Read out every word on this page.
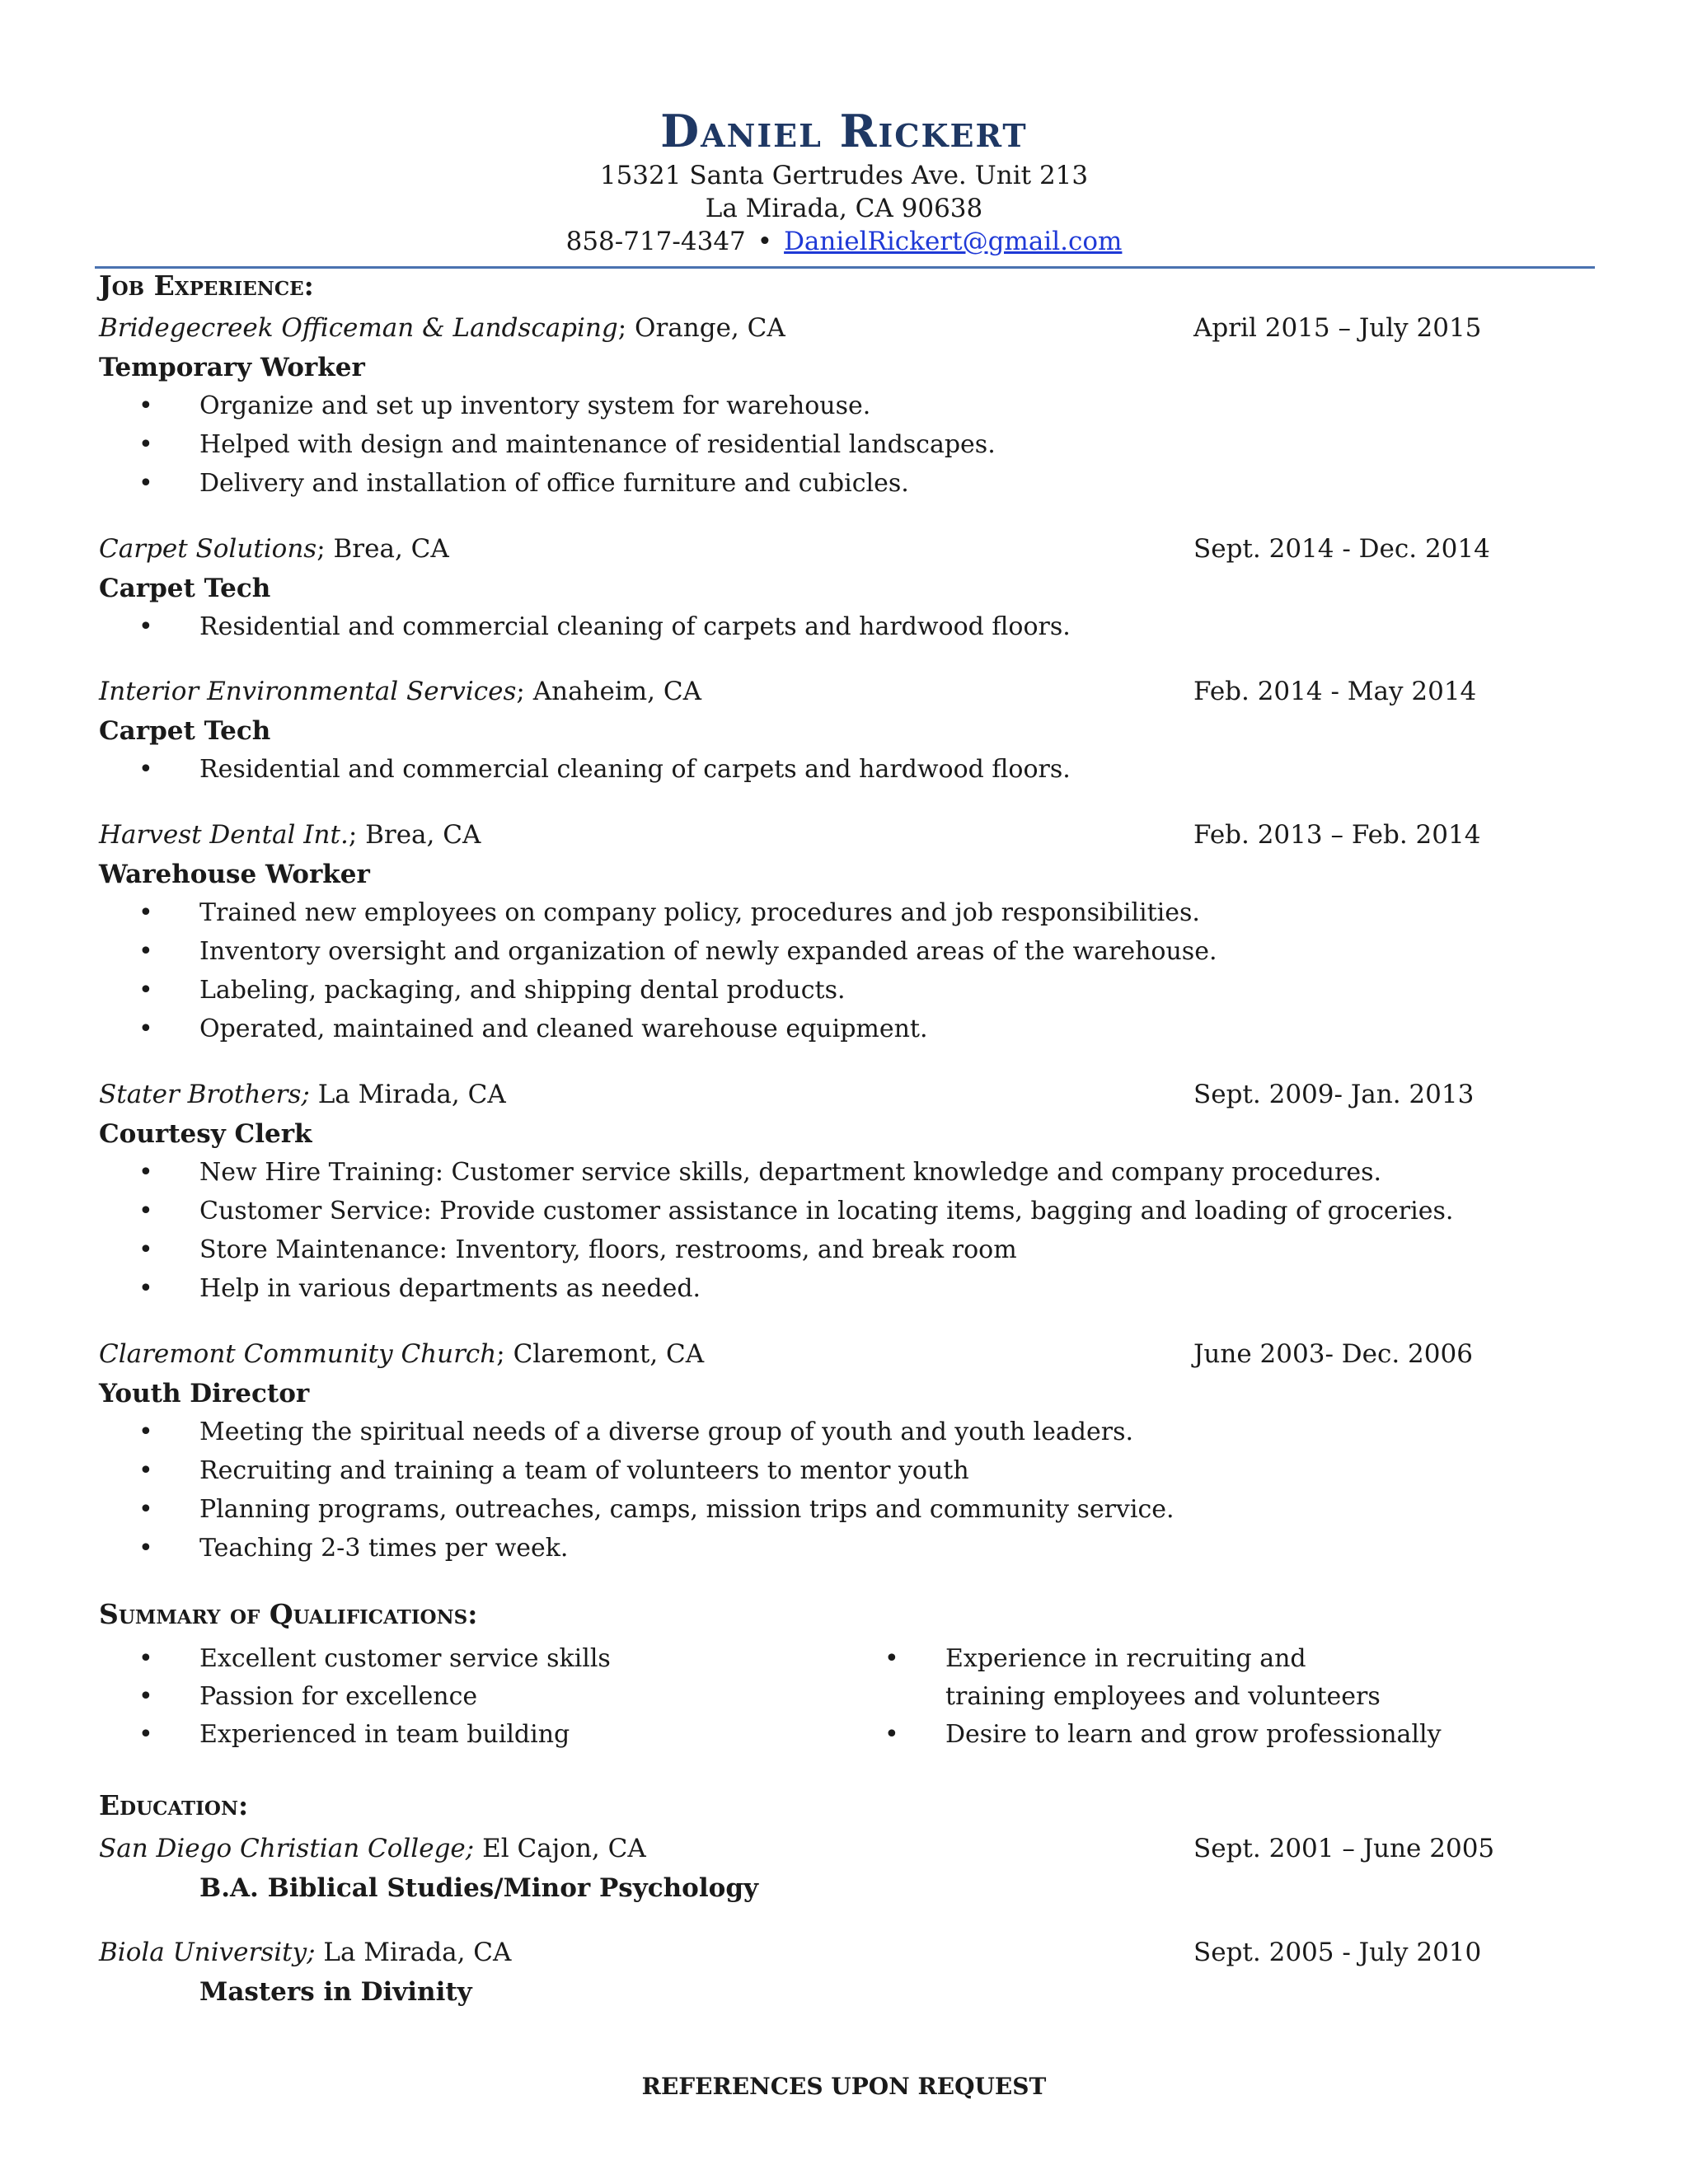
Daniel Rickert
15321 Santa Gertrudes Ave. Unit 213
La Mirada, CA 90638
858-717-4347 • DanielRickert@gmail.com
Job Experience:
Bridegecreek Officeman & Landscaping; Orange, CA	April 2015 – July 2015
Temporary Worker
• Organize and set up inventory system for warehouse.
• Helped with design and maintenance of residential landscapes.
• Delivery and installation of office furniture and cubicles.
Carpet Solutions; Brea, CA	Sept. 2014 - Dec. 2014
Carpet Tech
• Residential and commercial cleaning of carpets and hardwood floors.
Interior Environmental Services; Anaheim, CA	Feb. 2014 - May 2014
Carpet Tech
• Residential and commercial cleaning of carpets and hardwood floors.
Harvest Dental Int.; Brea, CA	Feb. 2013 – Feb. 2014
Warehouse Worker
• Trained new employees on company policy, procedures and job responsibilities.
• Inventory oversight and organization of newly expanded areas of the warehouse.
• Labeling, packaging, and shipping dental products.
• Operated, maintained and cleaned warehouse equipment.
Stater Brothers; La Mirada, CA	Sept. 2009- Jan. 2013
Courtesy Clerk
• New Hire Training: Customer service skills, department knowledge and company procedures.
• Customer Service: Provide customer assistance in locating items, bagging and loading of groceries.
• Store Maintenance: Inventory, floors, restrooms, and break room
• Help in various departments as needed.
Claremont Community Church; Claremont, CA	June 2003- Dec. 2006
Youth Director
• Meeting the spiritual needs of a diverse group of youth and youth leaders.
• Recruiting and training a team of volunteers to mentor youth
• Planning programs, outreaches, camps, mission trips and community service.
• Teaching 2-3 times per week.
Summary of Qualifications:
• Excellent customer service skills
• Passion for excellence
• Experienced in team building
• Experience in recruiting and training employees and volunteers
• Desire to learn and grow professionally
Education:
San Diego Christian College; El Cajon, CA	Sept. 2001 – June 2005
B.A. Biblical Studies/Minor Psychology
Biola University; La Mirada, CA	Sept. 2005 - July 2010
Masters in Divinity
REFERENCES UPON REQUEST
